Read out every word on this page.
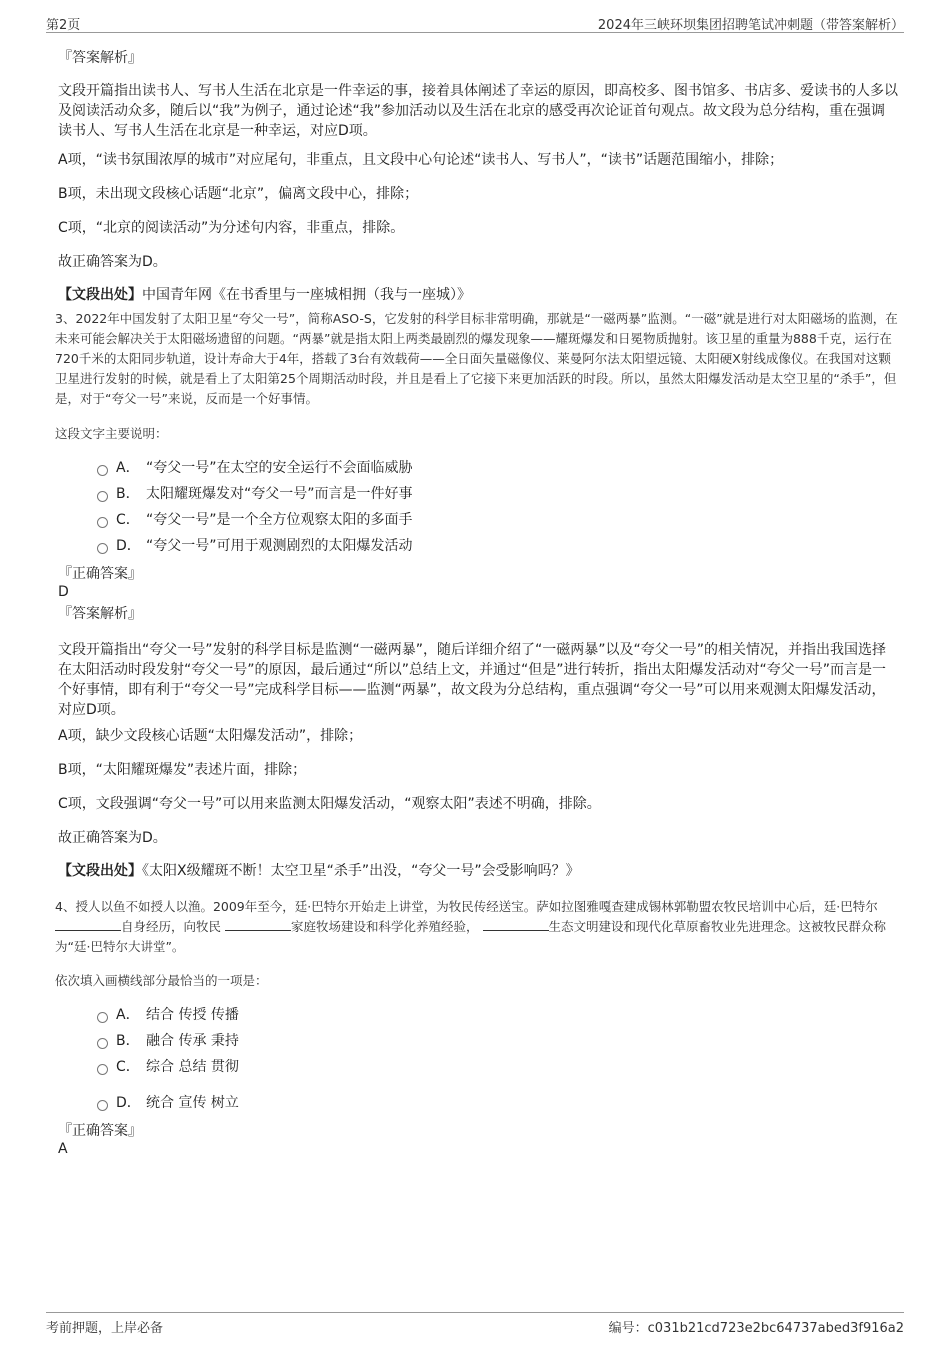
第2页	2024年三峡环坝集团招聘笔试冲刺题（带答案解析）
『答案解析』
文段开篇指出读书人、写书人生活在北京是一件幸运的事，接着具体阐述了幸运的原因，即高校多、图书馆多、书店多、爱读书的人多以及阅读活动众多，随后以“我”为例子，通过论述“我”参加活动以及生活在北京的感受再次论证首句观点。故文段为总分结构，重在强调读书人、写书人生活在北京是一种幸运，对应D项。
A项，“读书氛围浓厚的城市”对应尾句，非重点，且文段中心句论述“读书人、写书人”，“读书”话题范围缩小，排除；
B项，未出现文段核心话题“北京”，偏离文段中心，排除；
C项，“北京的阅读活动”为分述句内容，非重点，排除。
故正确答案为D。
【文段出处】中国青年网《在书香里与一座城相拥（我与一座城）》
3、2022年中国发射了太阳卫星“夸父一号”，简称ASO-S，它发射的科学目标非常明确，那就是“一磁两暴”监测。“一磁”就是进行对太阳磁场的监测，在未来可能会解决关于太阳磁场遗留的问题。“两暴”就是指太阳上两类最剧烈的爆发现象——耀斑爆发和日冕物质抛射。该卫星的重量为888千克，运行在720千米的太阳同步轨道，设计寿命大于4年，搭载了3台有效载荷——全日面矢量磁像仪、莱曼阿尔法太阳望远镜、太阳硬X射线成像仪。在我国对这颗卫星进行发射的时候，就是看上了太阳第25个周期活动时段，并且是看上了它接下来更加活跃的时段。所以，虽然太阳爆发活动是太空卫星的“杀手”，但是，对于“夸父一号”来说，反而是一个好事情。
这段文字主要说明：
A． “夸父一号”在太空的安全运行不会面临威胁
B． 太阳耀斑爆发对“夸父一号”而言是一件好事
C． “夸父一号”是一个全方位观察太阳的多面手
D． “夸父一号”可用于观测剧烈的太阳爆发活动
『正确答案』
D
『答案解析』
文段开篇指出“夸父一号”发射的科学目标是监测“一磁两暴”，随后详细介绍了“一磁两暴”以及“夸父一号”的相关情况，并指出我国选择在太阳活动时段发射“夸父一号”的原因，最后通过“所以”总结上文，并通过“但是”进行转折，指出太阳爆发活动对“夸父一号”而言是一个好事情，即有利于“夸父一号”完成科学目标——监测“两暴”，故文段为分总结构，重点强调“夸父一号”可以用来观测太阳爆发活动，对应D项。
A项，缺少文段核心话题“太阳爆发活动”，排除；
B项，“太阳耀斑爆发”表述片面，排除；
C项，文段强调“夸父一号”可以用来监测太阳爆发活动，“观察太阳”表述不明确，排除。
故正确答案为D。
【文段出处】《太阳X级耀斑不断！太空卫星“杀手”出没，“夸父一号”会受影响吗？》
4、授人以鱼不如授人以渔。2009年至今，廷·巴特尔开始走上讲堂，为牧民传经送宝。萨如拉图雅嘎查建成锡林郭勒盟农牧民培训中心后，廷·巴特尔 自身经历，向牧民	家庭牧场建设和科学化养殖经验，	生态文明建设和现代化草原畜牧业先进理念。这被牧民群众称为“廷·巴特尔大讲堂”。
依次填入画横线部分最恰当的一项是：
A． 结合 传授 传播
B． 融合 传承 秉持
C． 综合 总结 贯彻
D． 统合 宣传 树立
『正确答案』
A
考前押题，上岸必备	编号：c031b21cd723e2bc64737abed3f916a2
